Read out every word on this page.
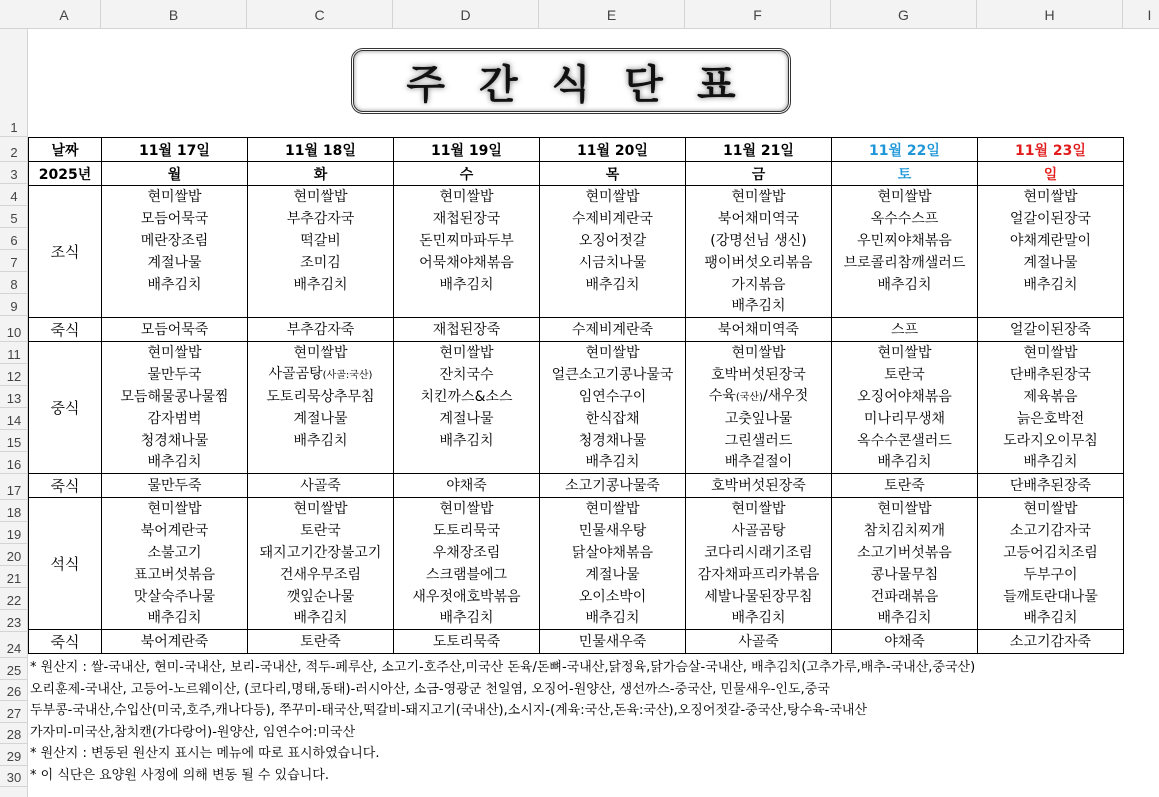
A	B	C	D	E	F	G	H	I
1
2
3
4
5
6
7
8
9
10
11
12
13
14
15
16
17
18
19
20
21
22
23
24
25
26
27
28
29
30
주간식단표
날짜	11월 17일	11월 18일	11월 19일	11월 20일	11월 21일	11월 22일	11월 23일
2025년	월	화	수	목	금	토	일
조식	현미쌀밥	현미쌀밥	현미쌀밥	현미쌀밥	현미쌀밥	현미쌀밥	현미쌀밥
	모듬어묵국	부추감자국	재첩된장국	수제비계란국	북어채미역국	옥수수스프	얼갈이된장국
	메란장조림	떡갈비	돈민찌마파두부	오징어젓갈	(강명선님 생신)	우민찌야채볶음	야채계란말이
	계절나물	조미김	어묵채야채볶음	시금치나물	팽이버섯오리볶음	브로콜리참깨샐러드	계절나물
	배추김치	배추김치	배추김치	배추김치	가지볶음	배추김치	배추김치
					배추김치		
죽식	모듬어묵죽	부추감자죽	재첩된장죽	수제비계란죽	북어채미역죽	스프	얼갈이된장죽
중식	현미쌀밥	현미쌀밥	현미쌀밥	현미쌀밥	현미쌀밥	현미쌀밥	현미쌀밥
	물만두국	사골곰탕(사골:국산)	잔치국수	얼큰소고기콩나물국	호박버섯된장국	토란국	단배추된장국
	모듬해물콩나물찜	도토리묵상추무침	치킨까스&소스	임연수구이	수육(국산)/새우젓	오징어야채볶음	제육볶음
	감자범벅	계절나물	계절나물	한식잡채	고춧잎나물	미나리무생채	늙은호박전
	청경채나물	배추김치	배추김치	청경채나물	그린샐러드	옥수수콘샐러드	도라지오이무침
	배추김치			배추김치	배추겉절이	배추김치	배추김치
죽식	물만두죽	사골죽	야채죽	소고기콩나물죽	호박버섯된장죽	토란죽	단배추된장죽
석식	현미쌀밥	현미쌀밥	현미쌀밥	현미쌀밥	현미쌀밥	현미쌀밥	현미쌀밥
	북어계란국	토란국	도토리묵국	민물새우탕	사골곰탕	참치김치찌개	소고기감자국
	소불고기	돼지고기간장불고기	우채장조림	닭살야채볶음	코다리시래기조림	소고기버섯볶음	고등어김치조림
	표고버섯볶음	건새우무조림	스크램블에그	계절나물	감자채파프리카볶음	콩나물무침	두부구이
	맛살숙주나물	깻잎순나물	새우젓애호박볶음	오이소박이	세발나물된장무침	건파래볶음	들깨토란대나물
	배추김치	배추김치	배추김치	배추김치	배추김치	배추김치	배추김치
죽식	북어계란죽	토란죽	도토리묵죽	민물새우죽	사골죽	야채죽	소고기감자죽
* 원산지 : 쌀-국내산, 현미-국내산, 보리-국내산, 적두-페루산, 소고기-호주산,미국산 돈육/돈뼈-국내산,닭정육,닭가슴살-국내산, 배추김치(고추가루,배추-국내산,중국산)
오리훈제-국내산, 고등어-노르웨이산, (코다리,명태,동태)-러시아산, 소금-영광군 천일염, 오징어-원양산, 생선까스-중국산, 민물새우-인도,중국
두부콩-국내산,수입산(미국,호주,캐나다등), 쭈꾸미-태국산,떡갈비-돼지고기(국내산),소시지-(계육:국산,돈육:국산),오징어젓갈-중국산,탕수육-국내산
가자미-미국산,참치캔(가다랑어)-원양산, 임연수어:미국산
* 원산지 : 변동된 원산지 표시는 메뉴에 따로 표시하였습니다.
* 이 식단은 요양원 사정에 의해 변동 될 수 있습니다.
